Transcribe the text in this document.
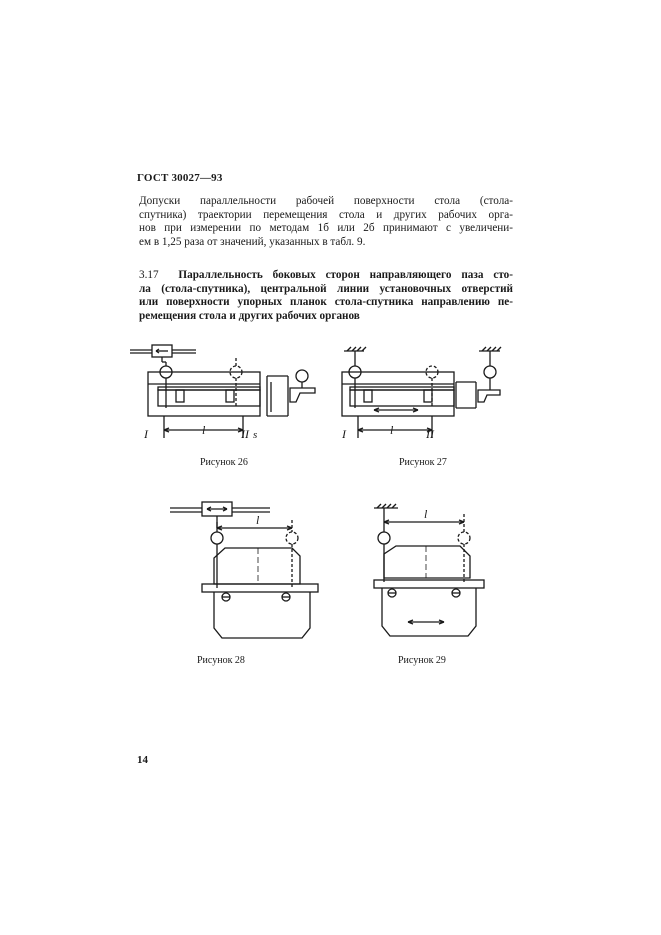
ГОСТ 30027—93
Допуски параллельности рабочей поверхности стола (стола-
спутника) траектории перемещения стола и других рабочих орга-
нов при измерении по методам 1б или 2б принимают с увеличени-
ем в 1,25 раза от значений, указанных в табл. 9.
3.17 Параллельность боковых сторон направляющего паза сто-
ла (стола-спутника), центральной линии установочных отверстий
или поверхности упорных планок стола-спутника направлению пе-
ремещения стола и других рабочих органов
I	l	II s
Рисунок 26
I	l	II
Рисунок 27
l
Рисунок 28
l
Рисунок 29
14
